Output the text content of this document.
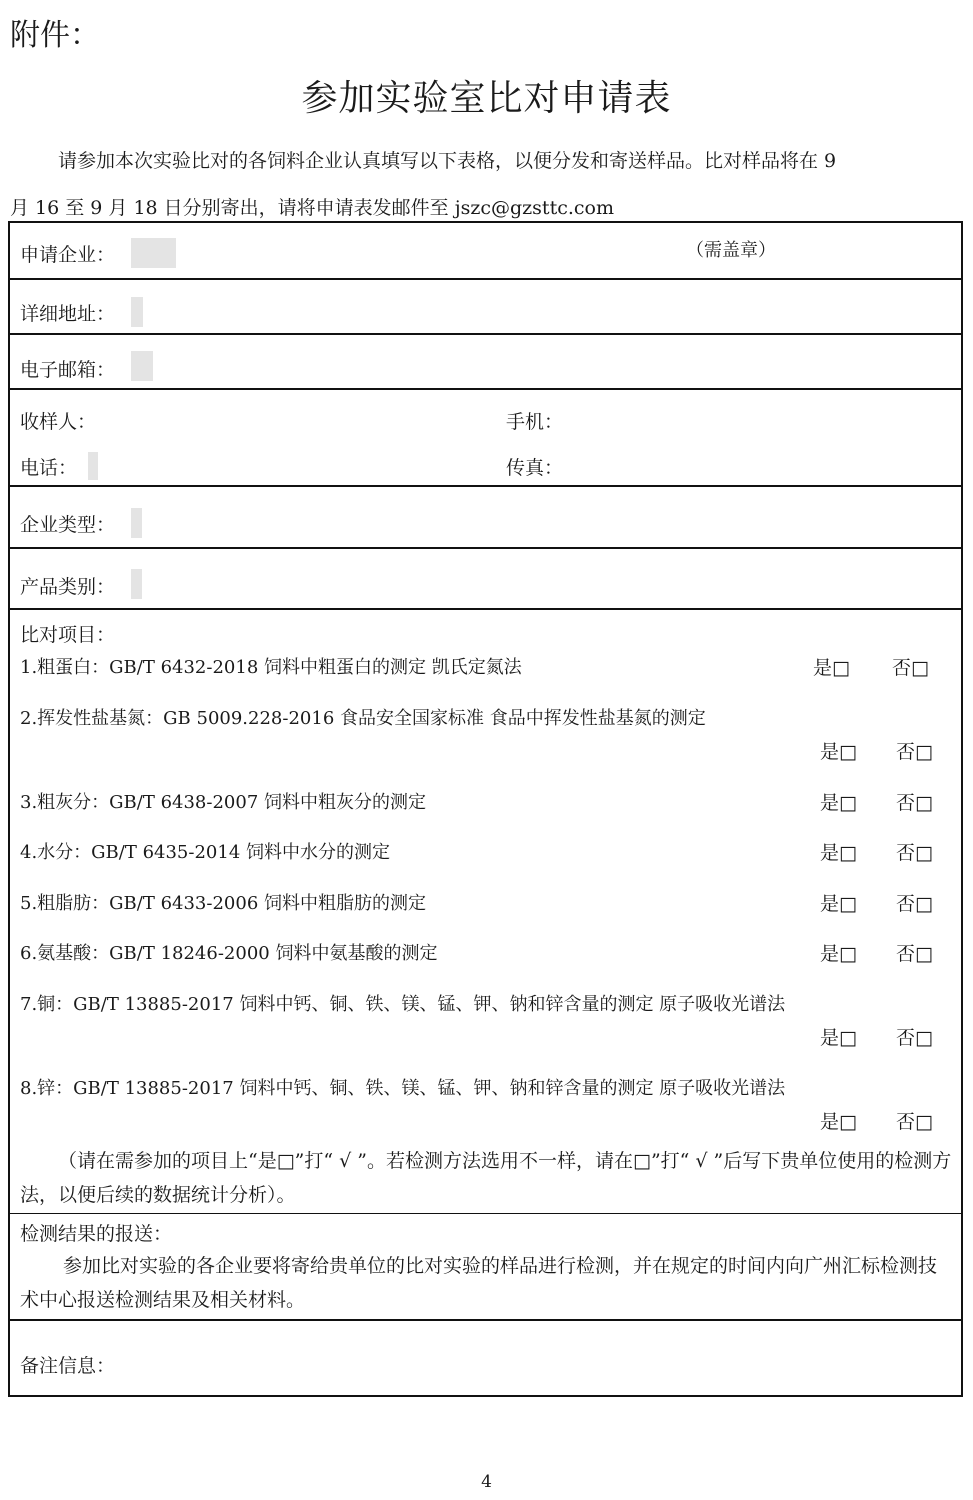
附件：
参加实验室比对申请表
请参加本次实验比对的各饲料企业认真填写以下表格，以便分发和寄送样品。比对样品将在 9
月 16 至 9 月 18 日分别寄出，请将申请表发邮件至 jszc@gzsttc.com
申请企业：	（需盖章）
详细地址：
电子邮箱：
收样人：	手机：
电话：	传真：
企业类型：
产品类别：
比对项目：
1.粗蛋白：GB/T 6432-2018 饲料中粗蛋白的测定 凯氏定氮法	是□ 否□
2.挥发性盐基氮：GB 5009.228-2016 食品安全国家标准 食品中挥发性盐基氮的测定
是□ 否□
3.粗灰分：GB/T 6438-2007 饲料中粗灰分的测定	是□ 否□
4.水分：GB/T 6435-2014 饲料中水分的测定	是□ 否□
5.粗脂肪：GB/T 6433-2006 饲料中粗脂肪的测定	是□ 否□
6.氨基酸：GB/T 18246-2000 饲料中氨基酸的测定	是□ 否□
7.铜：GB/T 13885-2017 饲料中钙、铜、铁、镁、锰、钾、钠和锌含量的测定 原子吸收光谱法
是□ 否□
8.锌：GB/T 13885-2017 饲料中钙、铜、铁、镁、锰、钾、钠和锌含量的测定 原子吸收光谱法
是□ 否□
（请在需参加的项目上“是□”打“ √ ”。若检测方法选用不一样，请在□”打“ √ ”后写下贵单位使用的检测方法，以便后续的数据统计分析）。
检测结果的报送：
参加比对实验的各企业要将寄给贵单位的比对实验的样品进行检测，并在规定的时间内向广州汇标检测技术中心报送检测结果及相关材料。
备注信息：
4
